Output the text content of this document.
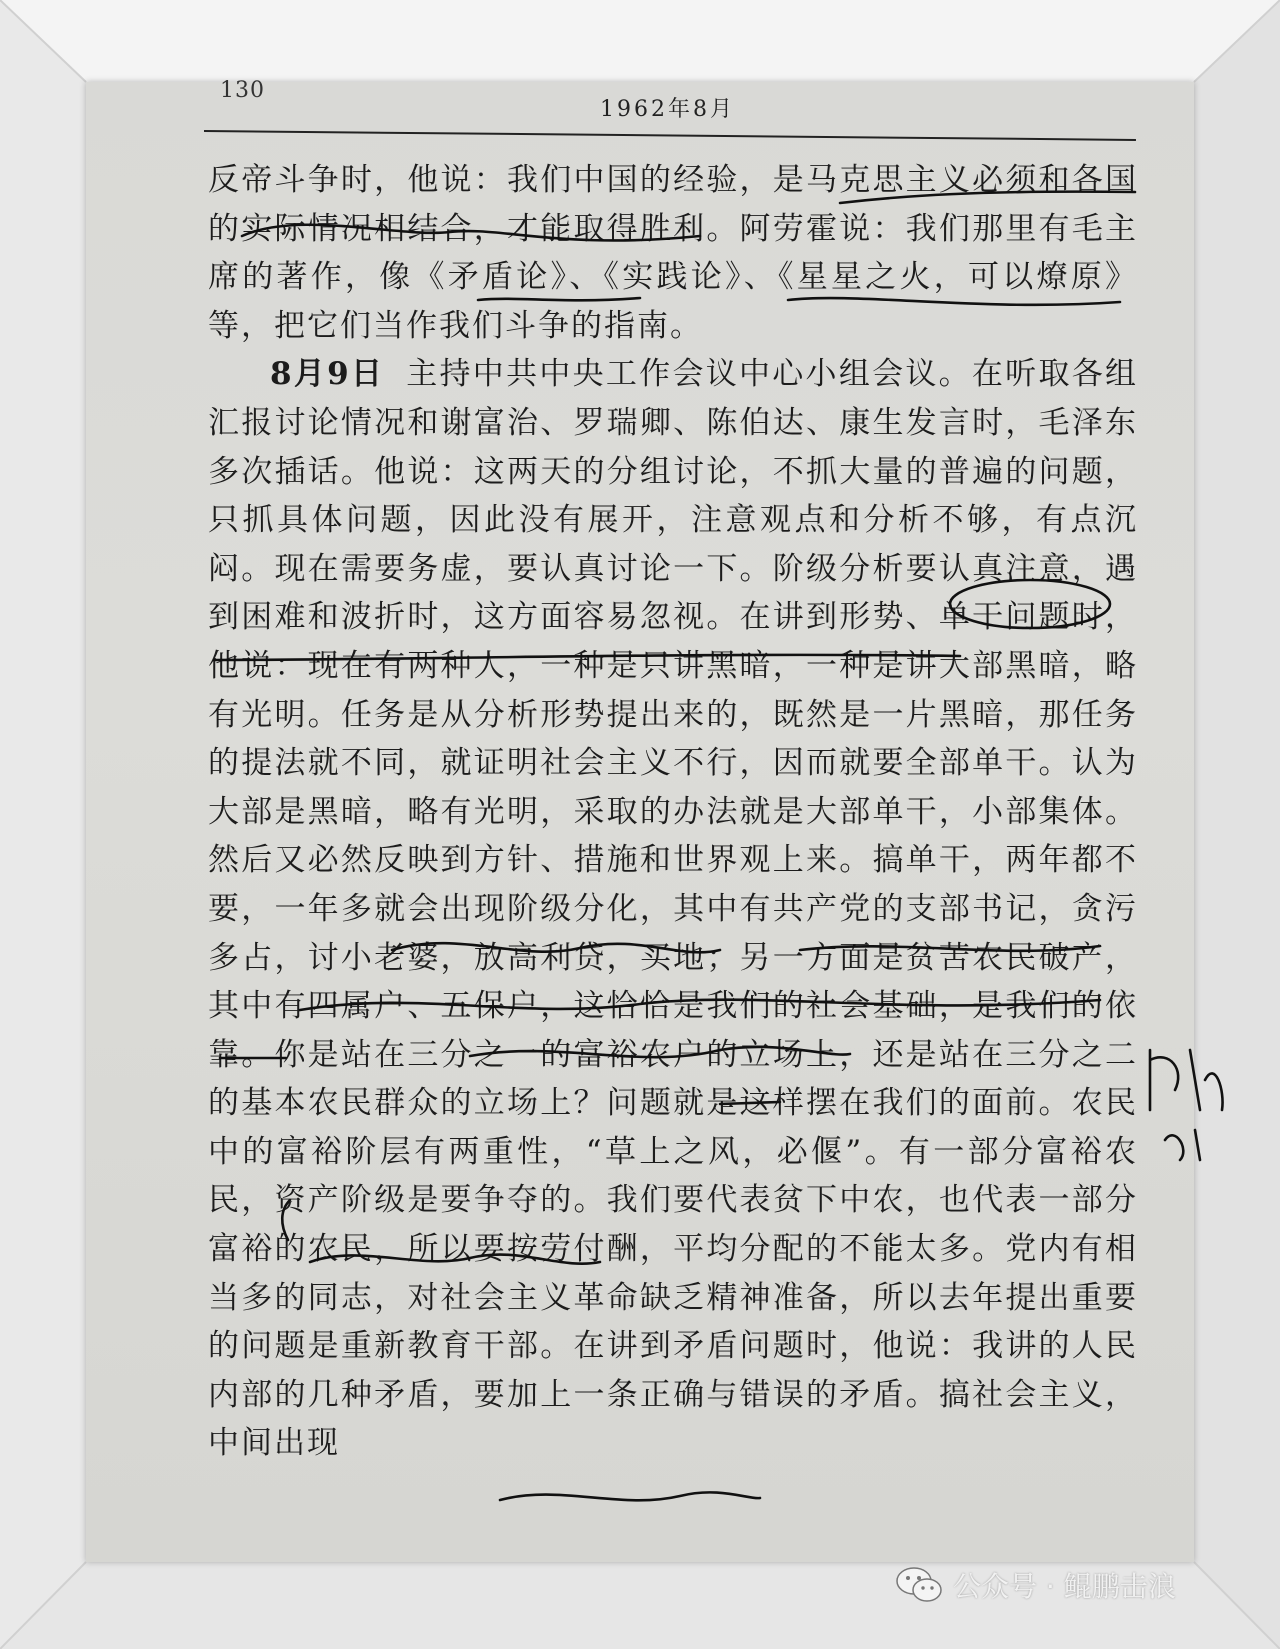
130
1962年8月

反帝斗争时，他说：我们中国的经验，是马克思主义必须和各国的实际情况相结合，才能取得胜利。阿劳霍说：我们那里有毛主席的著作，像《矛盾论》、《实践论》、《星星之火，可以燎原》等，把它们当作我们斗争的指南。

8月9日 主持中共中央工作会议中心小组会议。在听取各组汇报讨论情况和谢富治、罗瑞卿、陈伯达、康生发言时，毛泽东多次插话。他说：这两天的分组讨论，不抓大量的普遍的问题，只抓具体问题，因此没有展开，注意观点和分析不够，有点沉闷。现在需要务虚，要认真讨论一下。阶级分析要认真注意，遇到困难和波折时，这方面容易忽视。在讲到形势、单干问题时，他说：现在有两种人，一种是只讲黑暗，一种是讲大部黑暗，略有光明。任务是从分析形势提出来的，既然是一片黑暗，那任务的提法就不同，就证明社会主义不行，因而就要全部单干。认为大部是黑暗，略有光明，采取的办法就是大部单干，小部集体。然后又必然反映到方针、措施和世界观上来。搞单干，两年都不要，一年多就会出现阶级分化，其中有共产党的支部书记，贪污多占，讨小老婆，放高利贷，买地；另一方面是贫苦农民破产，其中有四属户、五保户，这恰恰是我们的社会基础，是我们的依靠。你是站在三分之一的富裕农户的立场上，还是站在三分之二的基本农民群众的立场上？问题就是这样摆在我们的面前。农民中的富裕阶层有两重性，“草上之风，必偃”。有一部分富裕农民，资产阶级是要争夺的。我们要代表贫下中农，也代表一部分富裕的农民，所以要按劳付酬，平均分配的不能太多。党内有相当多的同志，对社会主义革命缺乏精神准备，所以去年提出重要的问题是重新教育干部。在讲到矛盾问题时，他说：我讲的人民内部的几种矛盾，要加上一条正确与错误的矛盾。搞社会主义，中间出现

公众号 · 鲲鹏击浪
